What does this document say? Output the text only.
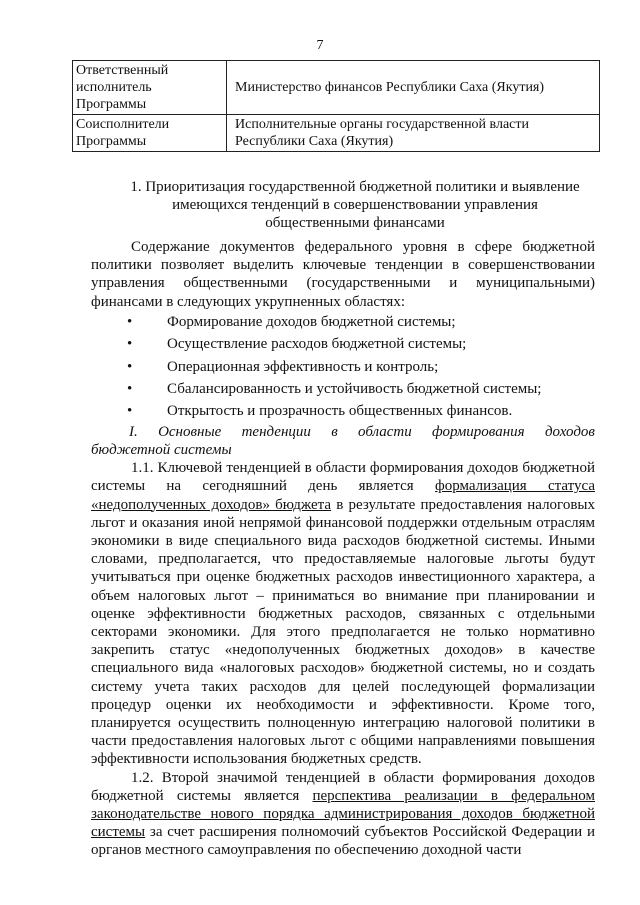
7
Ответственный исполнитель Программы	Министерство финансов Республики Саха (Якутия)
Соисполнители Программы	Исполнительные органы государственной власти Республики Саха (Якутия)
1. Приоритизация государственной бюджетной политики и выявление
имеющихся тенденций в совершенствовании управления
общественными финансами

Содержание документов федерального уровня в сфере бюджетной политики позволяет выделить ключевые тенденции в совершенствовании управления общественными (государственными и муниципальными) финансами в следующих укрупненных областях:

• Формирование доходов бюджетной системы;
• Осуществление расходов бюджетной системы;
• Операционная эффективность и контроль;
• Сбалансированность и устойчивость бюджетной системы;
• Открытость и прозрачность общественных финансов.
I. Основные тенденции в области формирования доходов
бюджетной системы

1.1. Ключевой тенденцией в области формирования доходов бюджетной системы на сегодняшний день является формализация статуса «недополученных доходов» бюджета в результате предоставления налоговых льгот и оказания иной непрямой финансовой поддержки отдельным отраслям экономики в виде специального вида расходов бюджетной системы. Иными словами, предполагается, что предоставляемые налоговые льготы будут учитываться при оценке бюджетных расходов инвестиционного характера, а объем налоговых льгот – приниматься во внимание при планировании и оценке эффективности бюджетных расходов, связанных с отдельными секторами экономики. Для этого предполагается не только нормативно закрепить статус «недополученных бюджетных доходов» в качестве специального вида «налоговых расходов» бюджетной системы, но и создать систему учета таких расходов для целей последующей формализации процедур оценки их необходимости и эффективности. Кроме того, планируется осуществить полноценную интеграцию налоговой политики в части предоставления налоговых льгот с общими направлениями повышения эффективности использования бюджетных средств.

1.2. Второй значимой тенденцией в области формирования доходов бюджетной системы является перспектива реализации в федеральном законодательстве нового порядка администрирования доходов бюджетной системы за счет расширения полномочий субъектов Российской Федерации и органов местного самоуправления по обеспечению доходной части
